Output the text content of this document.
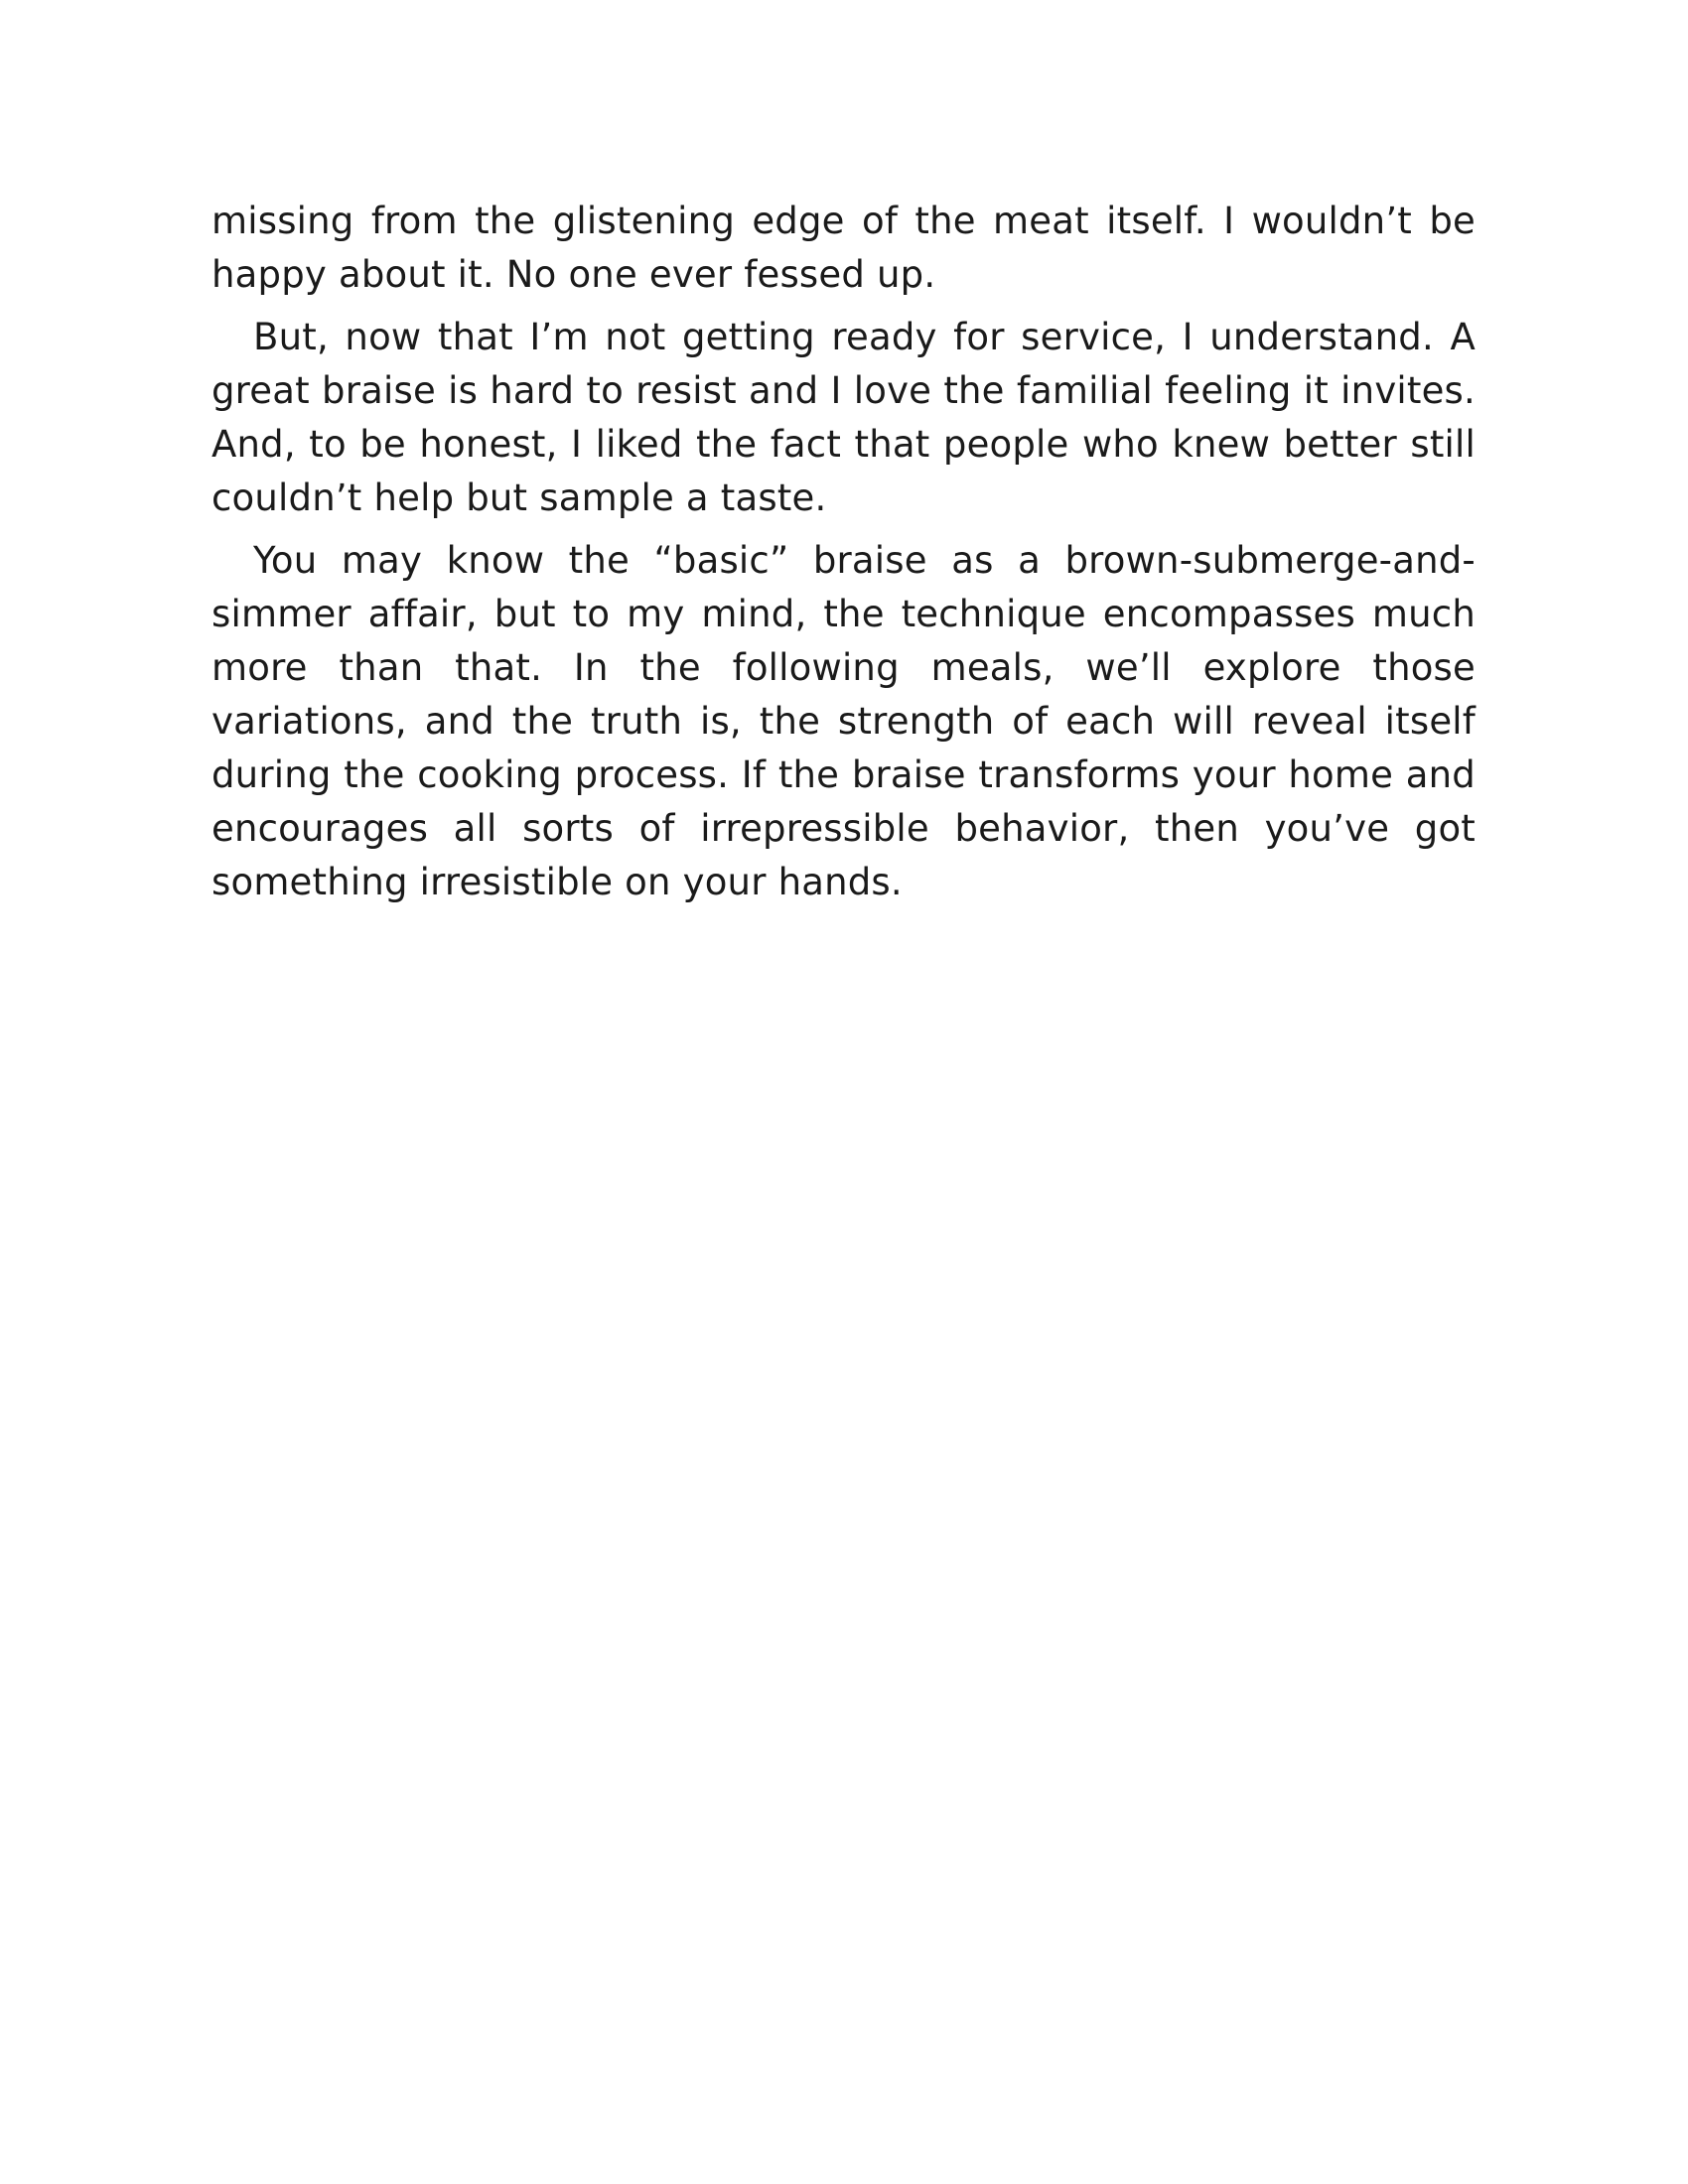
missing from the glistening edge of the meat itself. I wouldn’t be happy about it. No one ever fessed up.

But, now that I’m not getting ready for service, I understand. A great braise is hard to resist and I love the familial feeling it invites. And, to be honest, I liked the fact that people who knew better still couldn’t help but sample a taste.

You may know the “basic” braise as a brown-submerge-and-simmer affair, but to my mind, the technique encompasses much more than that. In the following meals, we’ll explore those variations, and the truth is, the strength of each will reveal itself during the cooking process. If the braise transforms your home and encourages all sorts of irrepressible behavior, then you’ve got something irresistible on your hands.
